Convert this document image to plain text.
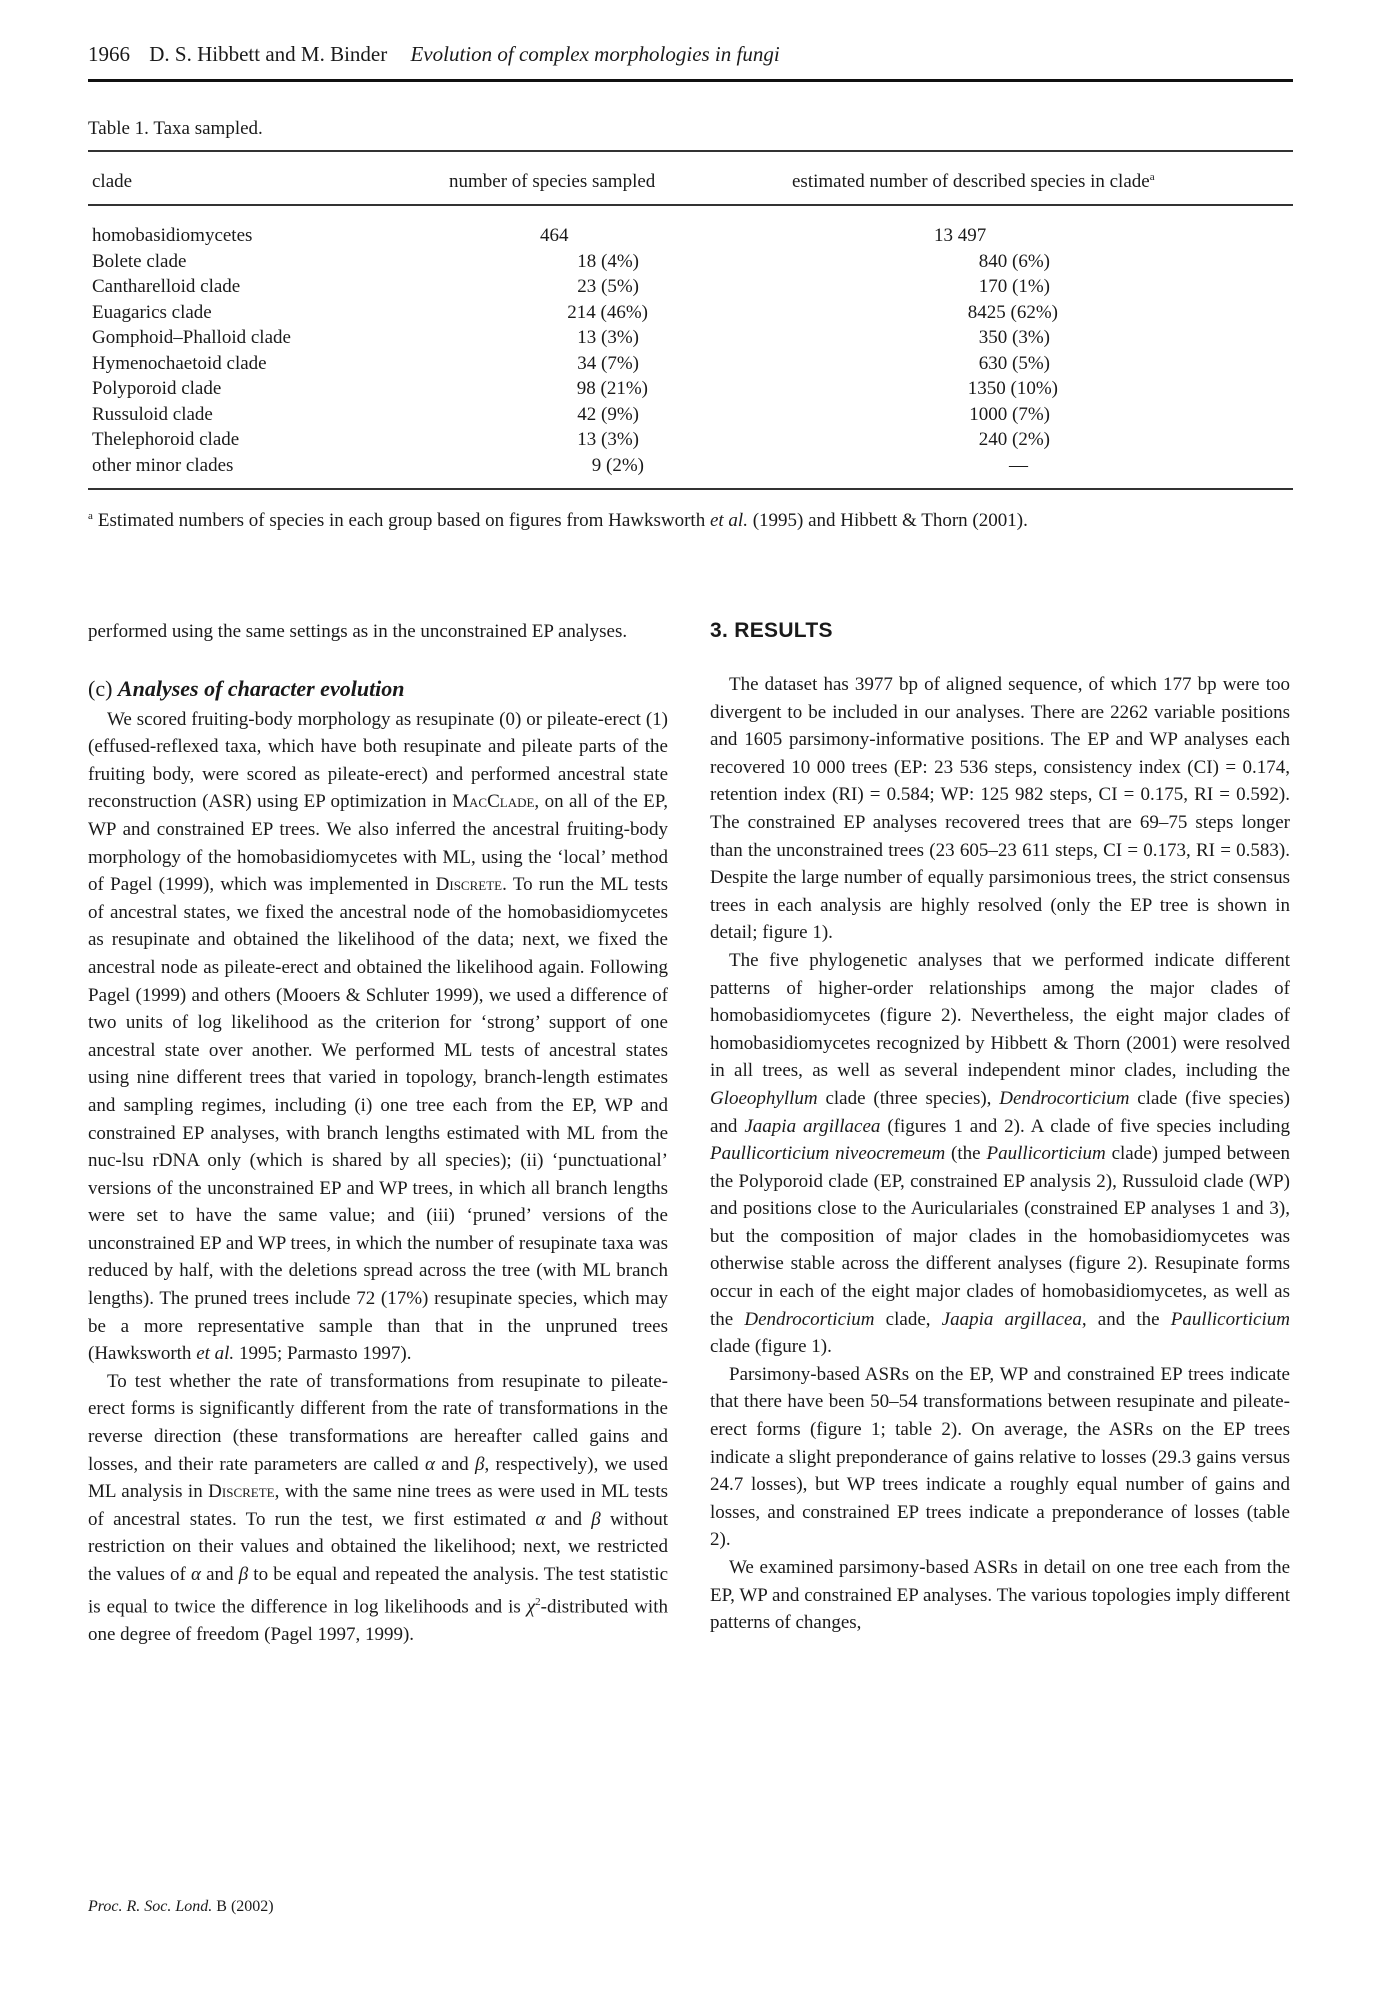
1966 D. S. Hibbett and M. Binder Evolution of complex morphologies in fungi
Table 1. Taxa sampled.
clade	number of species sampled	estimated number of described species in clade$^a$
homobasidiomycetes	464	13 497
Bolete clade	18 (4%)	840 (6%)
Cantharelloid clade	23 (5%)	170 (1%)
Euagarics clade	214 (46%)	8425 (62%)
Gomphoid–Phalloid clade	13 (3%)	350 (3%)
Hymenochaetoid clade	34 (7%)	630 (5%)
Polyporoid clade	98 (21%)	1350 (10%)
Russuloid clade	42 (9%)	1000 (7%)
Thelephoroid clade	13 (3%)	240 (2%)
other minor clades	9 (2%)	—
$^a$ Estimated numbers of species in each group based on figures from Hawksworth et al. (1995) and Hibbett & Thorn (2001).

performed using the same settings as in the unconstrained EP analyses.

(c) Analyses of character evolution

We scored fruiting-body morphology as resupinate (0) or pileate-erect (1) (effused-reflexed taxa, which have both resupinate and pileate parts of the fruiting body, were scored as pileate-erect) and performed ancestral state reconstruction (ASR) using EP optimization in MacClade, on all of the EP, WP and constrained EP trees. We also inferred the ancestral fruiting-body morphology of the homobasidiomycetes with ML, using the ‘local’ method of Pagel (1999), which was implemented in Discrete. To run the ML tests of ancestral states, we fixed the ancestral node of the homobasidiomycetes as resupinate and obtained the likelihood of the data; next, we fixed the ancestral node as pileate-erect and obtained the likelihood again. Following Pagel (1999) and others (Mooers & Schluter 1999), we used a difference of two units of log likelihood as the criterion for ‘strong’ support of one ancestral state over another. We performed ML tests of ancestral states using nine different trees that varied in topology, branch-length estimates and sampling regimes, including (i) one tree each from the EP, WP and constrained EP analyses, with branch lengths estimated with ML from the nuc-lsu rDNA only (which is shared by all species); (ii) ‘punctuational’ versions of the unconstrained EP and WP trees, in which all branch lengths were set to have the same value; and (iii) ‘pruned’ versions of the unconstrained EP and WP trees, in which the number of resupinate taxa was reduced by half, with the deletions spread across the tree (with ML branch lengths). The pruned trees include 72 (17%) resupinate species, which may be a more representative sample than that in the unpruned trees (Hawksworth et al. 1995; Parmasto 1997).

To test whether the rate of transformations from resupinate to pileate-erect forms is significantly different from the rate of transformations in the reverse direction (these transformations are hereafter called gains and losses, and their rate parameters are called α and β, respectively), we used ML analysis in Discrete, with the same nine trees as were used in ML tests of ancestral states. To run the test, we first estimated α and β without restriction on their values and obtained the likelihood; next, we restricted the values of α and β to be equal and repeated the analysis. The test statistic is equal to twice the difference in log likelihoods and is $\chi^2$-distributed with one degree of freedom (Pagel 1997, 1999).

3. RESULTS

The dataset has 3977 bp of aligned sequence, of which 177 bp were too divergent to be included in our analyses. There are 2262 variable positions and 1605 parsimony-informative positions. The EP and WP analyses each recovered 10 000 trees (EP: 23 536 steps, consistency index (CI) = 0.174, retention index (RI) = 0.584; WP: 125 982 steps, CI = 0.175, RI = 0.592). The constrained EP analyses recovered trees that are 69–75 steps longer than the unconstrained trees (23 605–23 611 steps, CI = 0.173, RI = 0.583). Despite the large number of equally parsimonious trees, the strict consensus trees in each analysis are highly resolved (only the EP tree is shown in detail; figure 1).

The five phylogenetic analyses that we performed indicate different patterns of higher-order relationships among the major clades of homobasidiomycetes (figure 2). Nevertheless, the eight major clades of homobasidiomycetes recognized by Hibbett & Thorn (2001) were resolved in all trees, as well as several independent minor clades, including the Gloeophyllum clade (three species), Dendrocorticium clade (five species) and Jaapia argillacea (figures 1 and 2). A clade of five species including Paullicorticium niveocremeum (the Paullicorticium clade) jumped between the Polyporoid clade (EP, constrained EP analysis 2), Russuloid clade (WP) and positions close to the Auriculariales (constrained EP analyses 1 and 3), but the composition of major clades in the homobasidiomycetes was otherwise stable across the different analyses (figure 2). Resupinate forms occur in each of the eight major clades of homobasidiomycetes, as well as the Dendrocorticium clade, Jaapia argillacea, and the Paullicorticium clade (figure 1).

Parsimony-based ASRs on the EP, WP and constrained EP trees indicate that there have been 50–54 transformations between resupinate and pileate-erect forms (figure 1; table 2). On average, the ASRs on the EP trees indicate a slight preponderance of gains relative to losses (29.3 gains versus 24.7 losses), but WP trees indicate a roughly equal number of gains and losses, and constrained EP trees indicate a preponderance of losses (table 2).

We examined parsimony-based ASRs in detail on one tree each from the EP, WP and constrained EP analyses. The various topologies imply different patterns of changes,

Proc. R. Soc. Lond. B (2002)
